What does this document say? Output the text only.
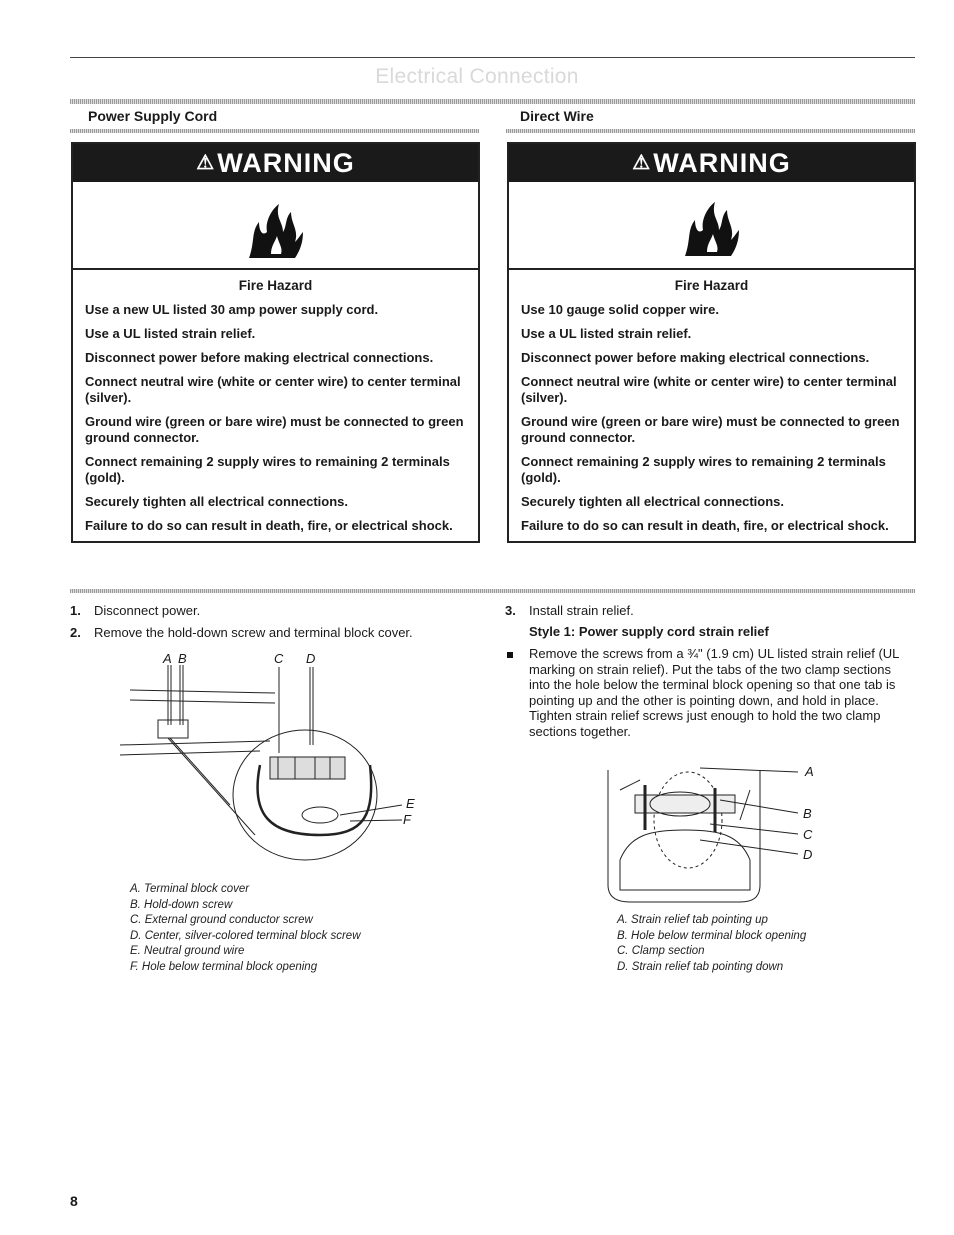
Electrical Connection
Power Supply Cord	Direct Wire
⚠WARNING
Fire Hazard

Use a new UL listed 30 amp power supply cord.

Use a UL listed strain relief.

Disconnect power before making electrical connections.

Connect neutral wire (white or center wire) to center terminal (silver).

Ground wire (green or bare wire) must be connected to green ground connector.

Connect remaining 2 supply wires to remaining 2 terminals (gold).

Securely tighten all electrical connections.

Failure to do so can result in death, fire, or electrical shock.

⚠WARNING
Fire Hazard

Use 10 gauge solid copper wire.

Use a UL listed strain relief.

Disconnect power before making electrical connections.

Connect neutral wire (white or center wire) to center terminal (silver).

Ground wire (green or bare wire) must be connected to green ground connector.

Connect remaining 2 supply wires to remaining 2 terminals (gold).

Securely tighten all electrical connections.

Failure to do so can result in death, fire, or electrical shock.

1. Disconnect power.
2. Remove the hold-down screw and terminal block cover.
A B	C D
E
F
A. Terminal block cover
B. Hold-down screw
C. External ground conductor screw
D. Center, silver-colored terminal block screw
E. Neutral ground wire
F. Hole below terminal block opening
3. Install strain relief.
Style 1: Power supply cord strain relief
Remove the screws from a ¾" (1.9 cm) UL listed strain relief (UL marking on strain relief). Put the tabs of the two clamp sections into the hole below the terminal block opening so that one tab is pointing up and the other is pointing down, and hold in place. Tighten strain relief screws just enough to hold the two clamp sections together.
A
B
C
D
A. Strain relief tab pointing up
B. Hole below terminal block opening
C. Clamp section
D. Strain relief tab pointing down
8
